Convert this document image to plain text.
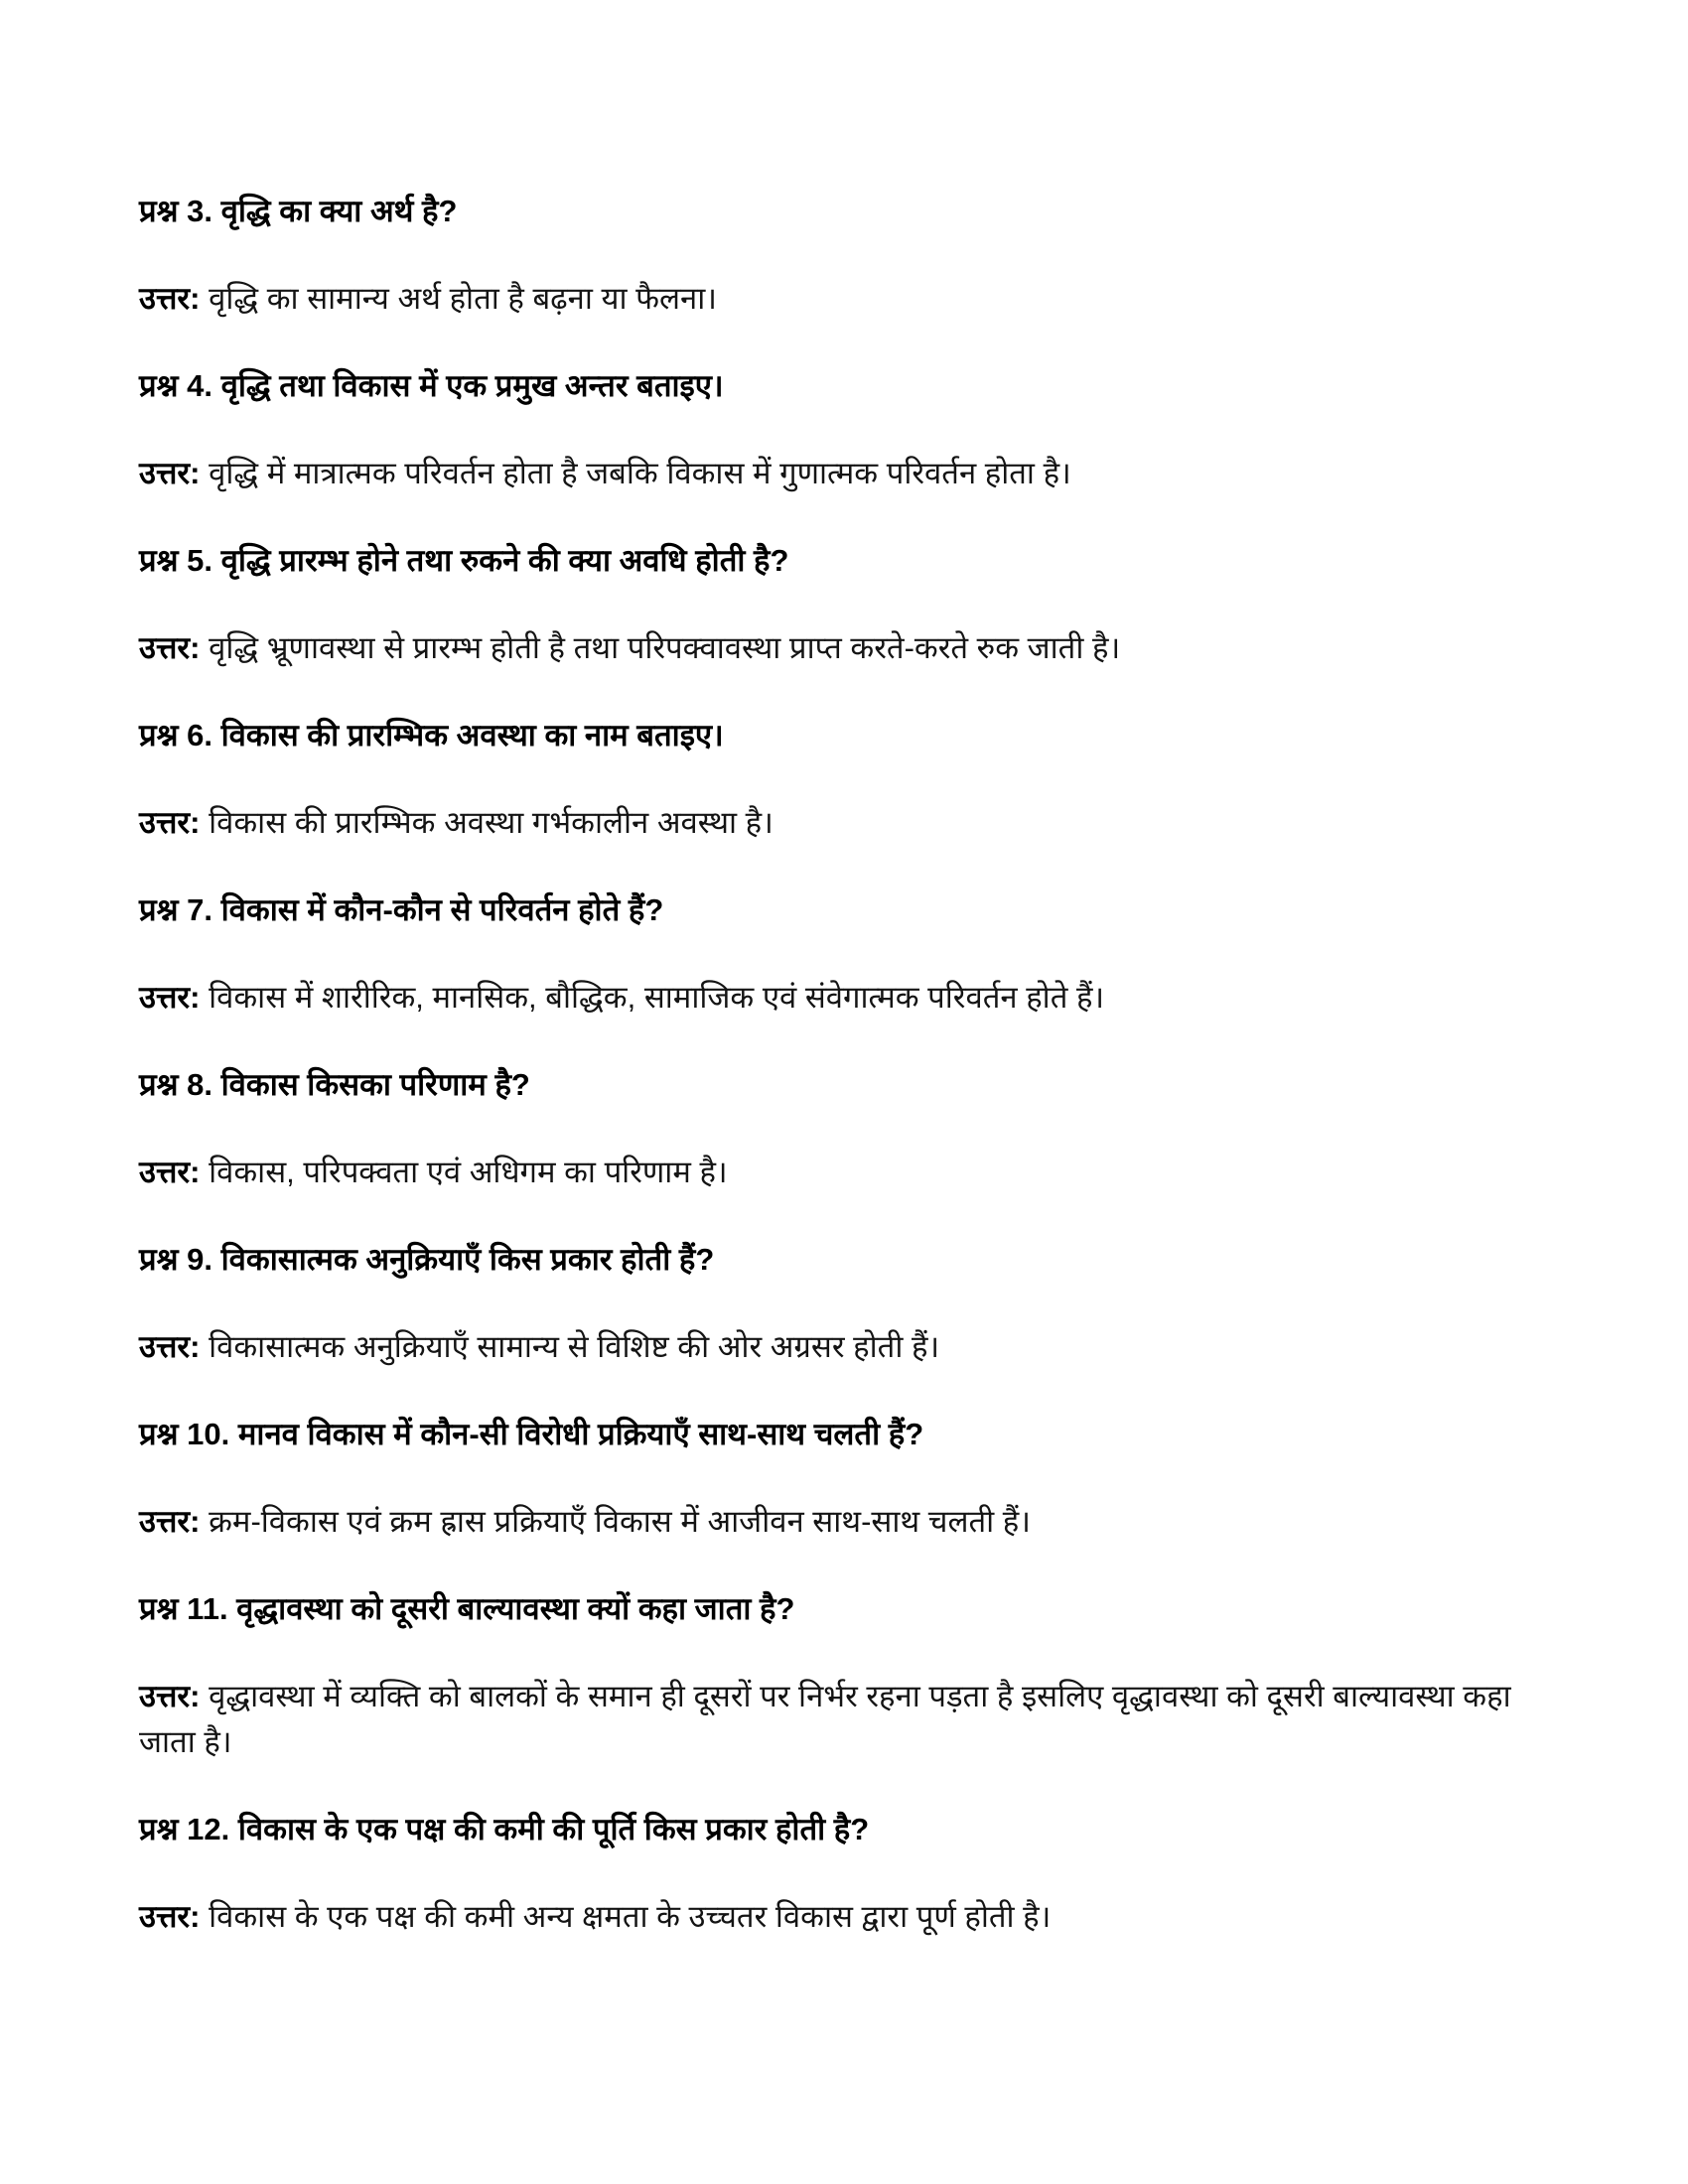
प्रश्न 3. वृद्धि का क्या अर्थ है?

उत्तर: वृद्धि का सामान्य अर्थ होता है बढ़ना या फैलना।

प्रश्न 4. वृद्धि तथा विकास में एक प्रमुख अन्तर बताइए।

उत्तर: वृद्धि में मात्रात्मक परिवर्तन होता है जबकि विकास में गुणात्मक परिवर्तन होता है।

प्रश्न 5. वृद्धि प्रारम्भ होने तथा रुकने की क्या अवधि होती है?

उत्तर: वृद्धि भ्रूणावस्था से प्रारम्भ होती है तथा परिपक्वावस्था प्राप्त करते-करते रुक जाती है।

प्रश्न 6. विकास की प्रारम्भिक अवस्था का नाम बताइए।

उत्तर: विकास की प्रारम्भिक अवस्था गर्भकालीन अवस्था है।

प्रश्न 7. विकास में कौन-कौन से परिवर्तन होते हैं?

उत्तर: विकास में शारीरिक, मानसिक, बौद्धिक, सामाजिक एवं संवेगात्मक परिवर्तन होते हैं।

प्रश्न 8. विकास किसका परिणाम है?

उत्तर: विकास, परिपक्वता एवं अधिगम का परिणाम है।

प्रश्न 9. विकासात्मक अनुक्रियाएँ किस प्रकार होती हैं?

उत्तर: विकासात्मक अनुक्रियाएँ सामान्य से विशिष्ट की ओर अग्रसर होती हैं।

प्रश्न 10. मानव विकास में कौन-सी विरोधी प्रक्रियाएँ साथ-साथ चलती हैं?

उत्तर: क्रम-विकास एवं क्रम ह्रास प्रक्रियाएँ विकास में आजीवन साथ-साथ चलती हैं।

प्रश्न 11. वृद्धावस्था को दूसरी बाल्यावस्था क्यों कहा जाता है?

उत्तर: वृद्धावस्था में व्यक्ति को बालकों के समान ही दूसरों पर निर्भर रहना पड़ता है इसलिए वृद्धावस्था को दूसरी बाल्यावस्था कहा जाता है।

प्रश्न 12. विकास के एक पक्ष की कमी की पूर्ति किस प्रकार होती है?

उत्तर: विकास के एक पक्ष की कमी अन्य क्षमता के उच्चतर विकास द्वारा पूर्ण होती है।
